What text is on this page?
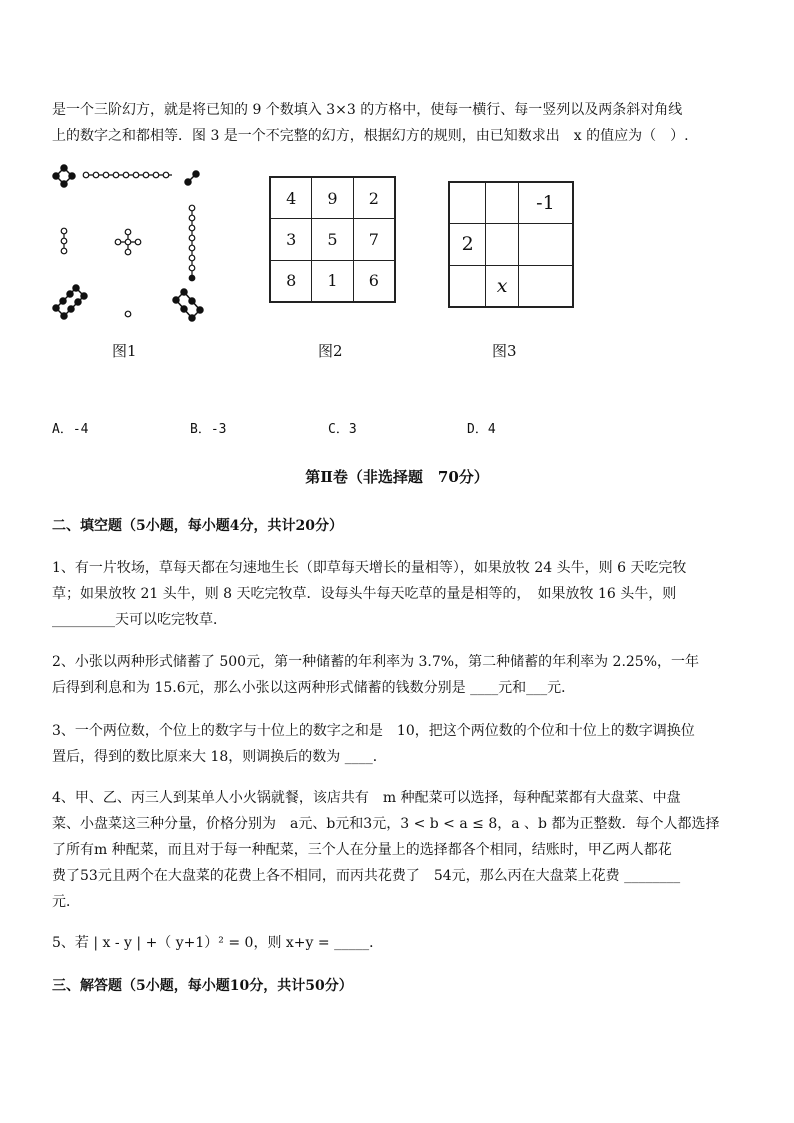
是一个三阶幻方，就是将已知的 9 个数填入 3×3 的方格中，使每一横行、每一竖列以及两条斜对角线
上的数字之和都相等．图 3 是一个不完整的幻方，根据幻方的规则，由已知数求出　x 的值应为（　）.
图1
4	9	2
3	5	7
8	1	6
图2
		-1
2		
	x	
图3
A．-4	B．-3	C．3	D．4
第Ⅱ卷（非选择题　70分）
二、填空题（5小题，每小题4分，共计20分）
1、有一片牧场，草每天都在匀速地生长（即草每天增长的量相等），如果放牧 24 头牛，则 6 天吃完牧
草；如果放牧 21 头牛，则 8 天吃完牧草．设每头牛每天吃草的量是相等的，　如果放牧 16 头牛，则
_________天可以吃完牧草．
2、小张以两种形式储蓄了 500元，第一种储蓄的年利率为 3.7%，第二种储蓄的年利率为 2.25%，一年
后得到利息和为 15.6元，那么小张以这两种形式储蓄的钱数分别是 ____元和___元．
3、一个两位数，个位上的数字与十位上的数字之和是　10，把这个两位数的个位和十位上的数字调换位
置后，得到的数比原来大 18，则调换后的数为 ____．
4、甲、乙、丙三人到某单人小火锅就餐，该店共有　m 种配菜可以选择，每种配菜都有大盘菜、中盘
菜、小盘菜这三种分量，价格分别为　a元、b元和3元，3 < b < a ≤ 8，a 、b 都为正整数．每个人都选择
了所有m 种配菜，而且对于每一种配菜，三个人在分量上的选择都各个相同，结账时，甲乙两人都花
费了53元且两个在大盘菜的花费上各不相同，而丙共花费了　54元，那么丙在大盘菜上花费 ________
元．
5、若 | x - y | +（ y+1）² = 0，则 x+y = _____．
三、解答题（5小题，每小题10分，共计50分）
